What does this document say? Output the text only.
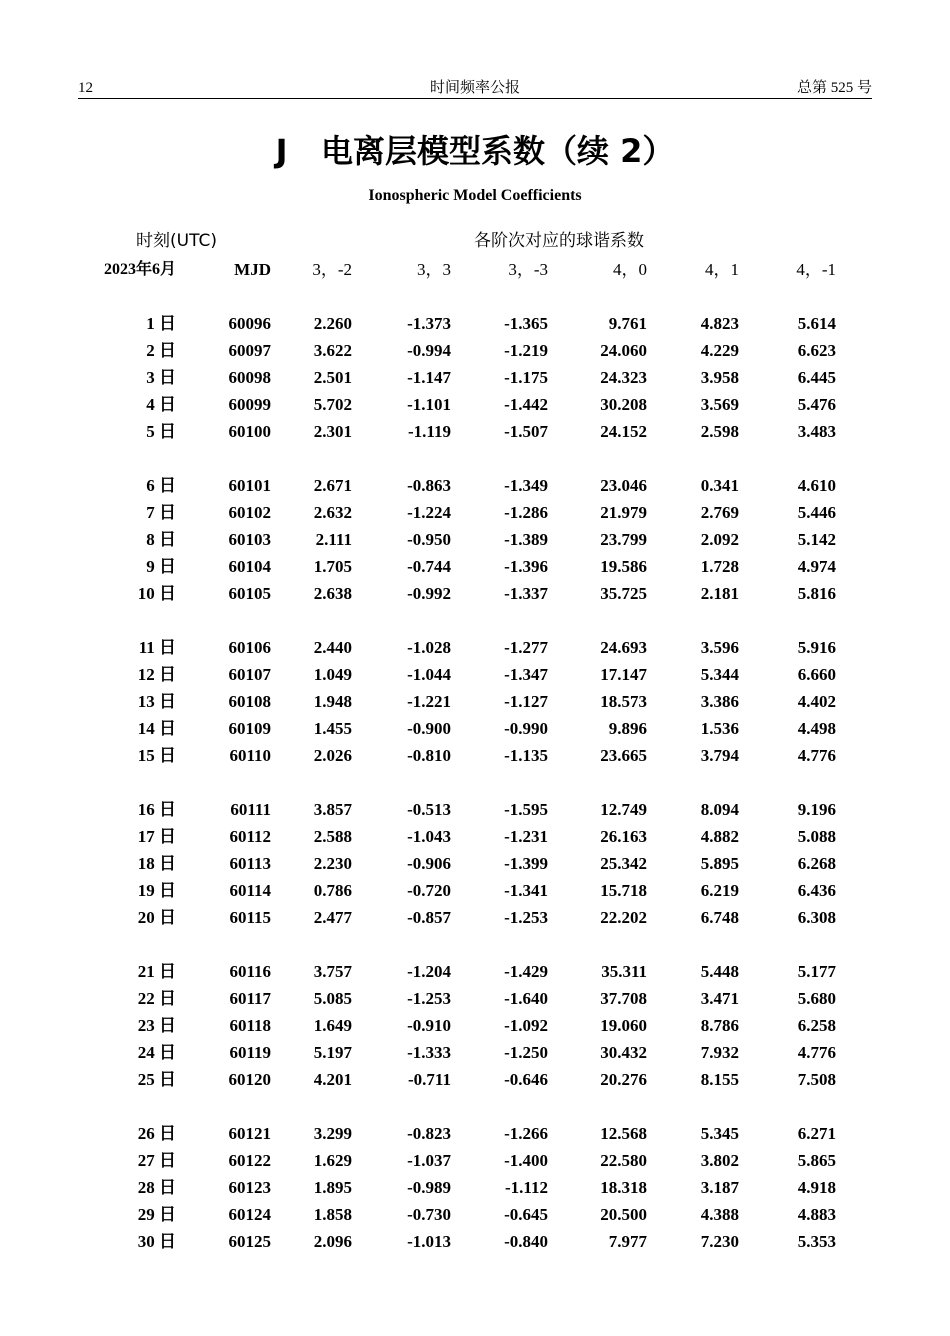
12	时间频率公报	总第 525 号
J   电离层模型系数（续 2）
Ionospheric Model Coefficients
时刻(UTC)	各阶次对应的球谐系数
2023年6月	MJD 3，-2	3，3	3，-3	4，0	4，1	4，-1
1 日	60096	2.260	-1.373	-1.365	9.761	4.823	5.614
2 日	60097	3.622	-0.994	-1.219	24.060	4.229	6.623
3 日	60098	2.501	-1.147	-1.175	24.323	3.958	6.445
4 日	60099	5.702	-1.101	-1.442	30.208	3.569	5.476
5 日	60100	2.301	-1.119	-1.507	24.152	2.598	3.483
6 日	60101	2.671	-0.863	-1.349	23.046	0.341	4.610
7 日	60102	2.632	-1.224	-1.286	21.979	2.769	5.446
8 日	60103	2.111	-0.950	-1.389	23.799	2.092	5.142
9 日	60104	1.705	-0.744	-1.396	19.586	1.728	4.974
10 日	60105	2.638	-0.992	-1.337	35.725	2.181	5.816
11 日	60106	2.440	-1.028	-1.277	24.693	3.596	5.916
12 日	60107	1.049	-1.044	-1.347	17.147	5.344	6.660
13 日	60108	1.948	-1.221	-1.127	18.573	3.386	4.402
14 日	60109	1.455	-0.900	-0.990	9.896	1.536	4.498
15 日	60110	2.026	-0.810	-1.135	23.665	3.794	4.776
16 日	60111	3.857	-0.513	-1.595	12.749	8.094	9.196
17 日	60112	2.588	-1.043	-1.231	26.163	4.882	5.088
18 日	60113	2.230	-0.906	-1.399	25.342	5.895	6.268
19 日	60114	0.786	-0.720	-1.341	15.718	6.219	6.436
20 日	60115	2.477	-0.857	-1.253	22.202	6.748	6.308
21 日	60116	3.757	-1.204	-1.429	35.311	5.448	5.177
22 日	60117	5.085	-1.253	-1.640	37.708	3.471	5.680
23 日	60118	1.649	-0.910	-1.092	19.060	8.786	6.258
24 日	60119	5.197	-1.333	-1.250	30.432	7.932	4.776
25 日	60120	4.201	-0.711	-0.646	20.276	8.155	7.508
26 日	60121	3.299	-0.823	-1.266	12.568	5.345	6.271
27 日	60122	1.629	-1.037	-1.400	22.580	3.802	5.865
28 日	60123	1.895	-0.989	-1.112	18.318	3.187	4.918
29 日	60124	1.858	-0.730	-0.645	20.500	4.388	4.883
30 日	60125	2.096	-1.013	-0.840	7.977	7.230	5.353
